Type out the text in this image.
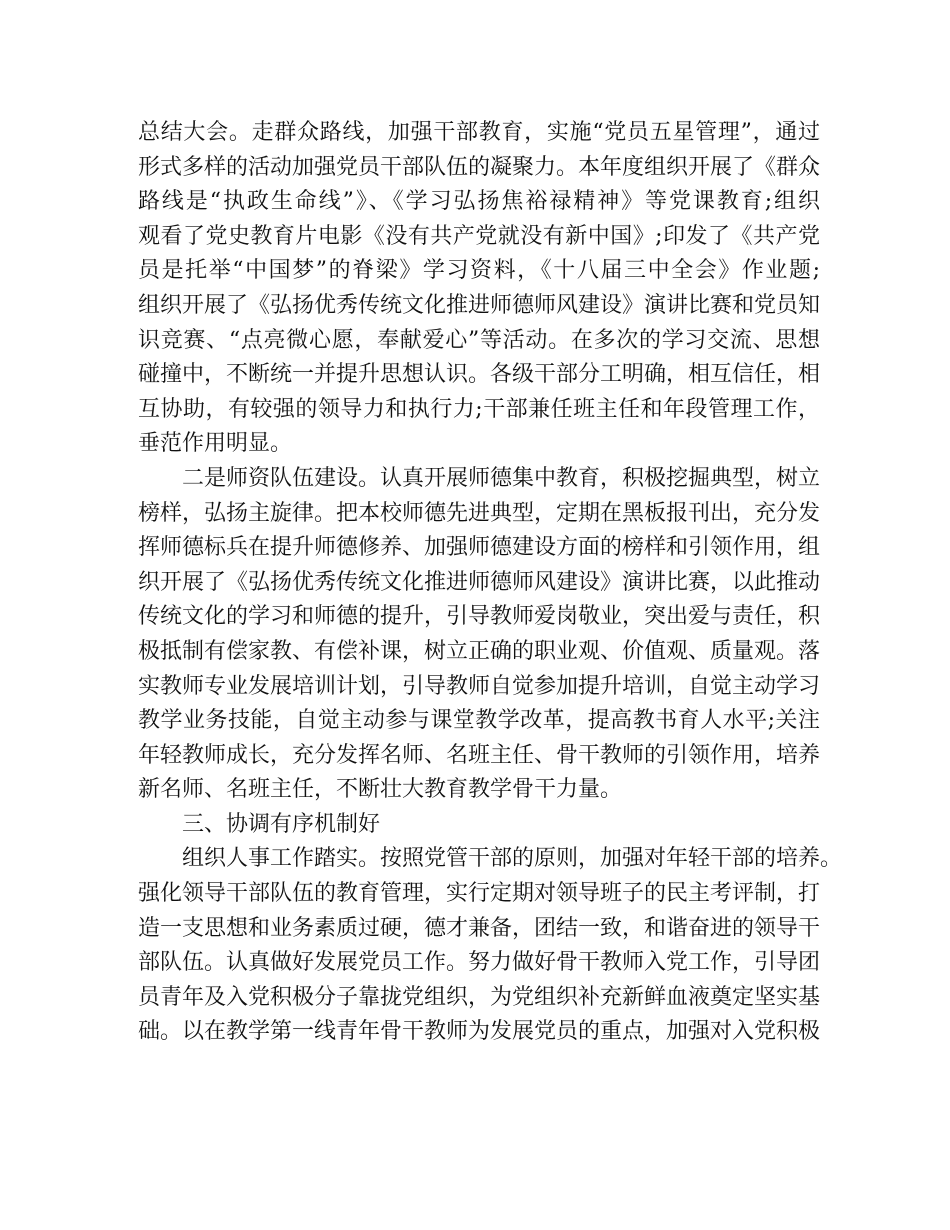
总结大会。走群众路线，加强干部教育，实施“党员五星管理”，通过
形式多样的活动加强党员干部队伍的凝聚力。本年度组织开展了《群众
路线是“执政生命线”》、《学习弘扬焦裕禄精神》等党课教育;组织
观看了党史教育片电影《没有共产党就没有新中国》;印发了《共产党
员是托举“中国梦”的脊梁》学习资料，《十八届三中全会》作业题;
组织开展了《弘扬优秀传统文化推进师德师风建设》演讲比赛和党员知
识竞赛、“点亮微心愿，奉献爱心”等活动。在多次的学习交流、思想
碰撞中，不断统一并提升思想认识。各级干部分工明确，相互信任，相
互协助，有较强的领导力和执行力;干部兼任班主任和年段管理工作，
垂范作用明显。
二是师资队伍建设。认真开展师德集中教育，积极挖掘典型，树立
榜样，弘扬主旋律。把本校师德先进典型，定期在黑板报刊出，充分发
挥师德标兵在提升师德修养、加强师德建设方面的榜样和引领作用，组
织开展了《弘扬优秀传统文化推进师德师风建设》演讲比赛，以此推动
传统文化的学习和师德的提升，引导教师爱岗敬业，突出爱与责任，积
极抵制有偿家教、有偿补课，树立正确的职业观、价值观、质量观。落
实教师专业发展培训计划，引导教师自觉参加提升培训，自觉主动学习
教学业务技能，自觉主动参与课堂教学改革，提高教书育人水平;关注
年轻教师成长，充分发挥名师、名班主任、骨干教师的引领作用，培养
新名师、名班主任，不断壮大教育教学骨干力量。
三、协调有序机制好
组织人事工作踏实。按照党管干部的原则，加强对年轻干部的培养。
强化领导干部队伍的教育管理，实行定期对领导班子的民主考评制，打
造一支思想和业务素质过硬，德才兼备，团结一致，和谐奋进的领导干
部队伍。认真做好发展党员工作。努力做好骨干教师入党工作，引导团
员青年及入党积极分子靠拢党组织，为党组织补充新鲜血液奠定坚实基
础。以在教学第一线青年骨干教师为发展党员的重点，加强对入党积极
